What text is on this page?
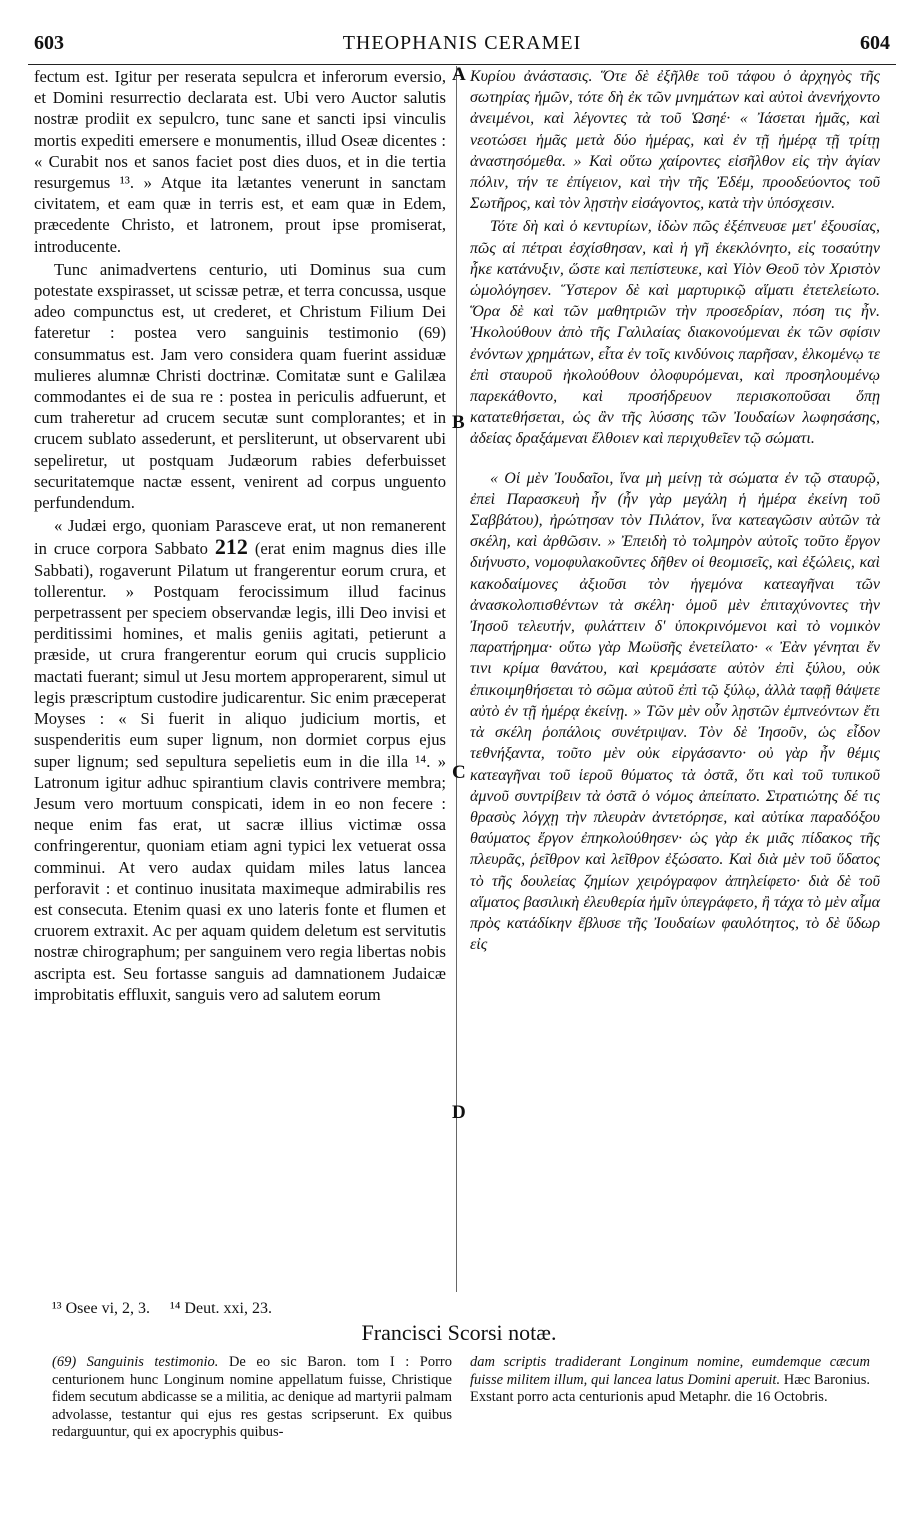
603	THEOPHANIS CERAMEI	604

fectum est. Igitur per reserata sepulcra et inferorum eversio, et Domini resurrectio declarata est. Ubi vero Auctor salutis nostræ prodiit ex sepulcro, tunc sane et sancti ipsi vinculis mortis expediti emersere e monumentis, illud Oseæ dicentes : « Curabit nos et sanos faciet post dies duos, et in die tertia resurgemus ¹³. » Atque ita lætantes venerunt in sanctam civitatem, et eam quæ in terris est, et eam quæ in Edem, præcedente Christo, et latronem, prout ipse promiserat, introducente.

Tunc animadvertens centurio, uti Dominus sua cum potestate exspirasset, ut scissæ petræ, et terra concussa, usque adeo compunctus est, ut crederet, et Christum Filium Dei fateretur : postea vero sanguinis testimonio (69) consummatus est. Jam vero considera quam fuerint assiduæ mulieres alumnæ Christi doctrinæ. Comitatæ sunt e Galilæa commodantes ei de sua re : postea in periculis adfuerunt, et cum traheretur ad crucem secutæ sunt complorantes; et in crucem sublato assederunt, et persliterunt, ut observarent ubi sepeliretur, ut postquam Judæorum rabies deferbuisset securitatemque nactæ essent, venirent ad corpus unguento perfundendum.

« Judæi ergo, quoniam Parasceve erat, ut non remanerent in cruce corpora Sabbato 212 (erat enim magnus dies ille Sabbati), rogaverunt Pilatum ut frangerentur eorum crura, et tollerentur. » Postquam ferocissimum illud facinus perpetrassent per speciem observandæ legis, illi Deo invisi et perditissimi homines, et malis geniis agitati, petierunt a præside, ut crura frangerentur eorum qui crucis supplicio mactati fuerant; simul ut Jesu mortem approperarent, simul ut legis præscriptum custodire judicarentur. Sic enim præceperat Moyses : « Si fuerit in aliquo judicium mortis, et suspenderitis eum super lignum, non dormiet corpus ejus super lignum; sed sepultura sepelietis eum in die illa ¹⁴. » Latronum igitur adhuc spirantium clavis contrivere membra; Jesum vero mortuum conspicati, idem in eo non fecere : neque enim fas erat, ut sacræ illius victimæ ossa confringerentur, quoniam etiam agni typici lex vetuerat ossa comminui. At vero audax quidam miles latus lancea perforavit : et continuo inusitata maximeque admirabilis res est consecuta. Etenim quasi ex uno lateris fonte et flumen et cruorem extraxit. Ac per aquam quidem deletum est servitutis nostræ chirographum; per sanguinem vero regia libertas nobis ascripta est. Seu fortasse sanguis ad damnationem Judaicæ improbitatis effluxit, sanguis vero ad salutem eorum

A
B
C
D

Κυρίου ἀνάστασις. Ὅτε δὲ ἐξῆλθε τοῦ τάφου ὁ ἀρχηγὸς τῆς σωτηρίας ἡμῶν, τότε δὴ ἐκ τῶν μνημάτων καὶ αὐτοὶ ἀνενήχοντο ἀνειμένοι, καὶ λέγοντες τὰ τοῦ Ὡσηέ· « Ἰάσεται ἡμᾶς, καὶ νεοτώσει ἡμᾶς μετὰ δύο ἡμέρας, καὶ ἐν τῇ ἡμέρᾳ τῇ τρίτῃ ἀναστησόμεθα. » Καὶ οὕτω χαίροντες εἰσῆλθον εἰς τὴν ἁγίαν πόλιν, τήν τε ἐπίγειον, καὶ τὴν τῆς Ἐδέμ, προοδεύοντος τοῦ Σωτῆρος, καὶ τὸν λῃστὴν εἰσάγοντος, κατὰ τὴν ὑπόσχεσιν.

Τότε δὴ καὶ ὁ κεντυρίων, ἰδὼν πῶς ἐξέπνευσε μετ' ἐξουσίας, πῶς αἱ πέτραι ἐσχίσθησαν, καὶ ἡ γῆ ἐκεκλόνητο, εἰς τοσαύτην ἧκε κατάνυξιν, ὥστε καὶ πεπίστευκε, καὶ Υἱὸν Θεοῦ τὸν Χριστὸν ὡμολόγησεν. Ὕστερον δὲ καὶ μαρτυρικῷ αἵματι ἐτετελείωτο. Ὅρα δὲ καὶ τῶν μαθητριῶν τὴν προσεδρίαν, πόση τις ἦν. Ἠκολούθουν ἀπὸ τῆς Γαλιλαίας διακονούμεναι ἐκ τῶν σφίσιν ἐνόντων χρημάτων, εἶτα ἐν τοῖς κινδύνοις παρῆσαν, ἑλκομένῳ τε ἐπὶ σταυροῦ ἠκολούθουν ὀλοφυρόμεναι, καὶ προσηλουμένῳ παρεκάθοντο, καὶ προσήδρευον περισκοποῦσαι ὅπῃ κατατεθήσεται, ὡς ἂν τῆς λύσσης τῶν Ἰουδαίων λωφησάσης, ἀδείας δραξάμεναι ἔλθοιεν καὶ περιχυθεῖεν τῷ σώματι.

« Οἱ μὲν Ἰουδαῖοι, ἵνα μὴ μείνῃ τὰ σώματα ἐν τῷ σταυρῷ, ἐπεὶ Παρασκευὴ ἦν (ἦν γὰρ μεγάλη ἡ ἡμέρα ἐκείνη τοῦ Σαββάτου), ἠρώτησαν τὸν Πιλάτον, ἵνα κατεαγῶσιν αὐτῶν τὰ σκέλη, καὶ ἀρθῶσιν. » Ἐπειδὴ τὸ τολμηρὸν αὐτοῖς τοῦτο ἔργον διήνυστο, νομοφυλακοῦντες δῆθεν οἱ θεομισεῖς, καὶ ἐξώλεις, καὶ κακοδαίμονες ἀξιοῦσι τὸν ἡγεμόνα κατεαγῆναι τῶν ἀνασκολοπισθέντων τὰ σκέλη· ὁμοῦ μὲν ἐπιταχύνοντες τὴν Ἰησοῦ τελευτήν, φυλάττειν δ' ὑποκρινόμενοι καὶ τὸ νομικὸν παρατήρημα· οὕτω γὰρ Μωϋσῆς ἐνετείλατο· « Ἐὰν γένηται ἔν τινι κρίμα θανάτου, καὶ κρεμάσατε αὐτὸν ἐπὶ ξύλου, οὐκ ἐπικοιμηθήσεται τὸ σῶμα αὐτοῦ ἐπὶ τῷ ξύλῳ, ἀλλὰ ταφῇ θάψετε αὐτὸ ἐν τῇ ἡμέρᾳ ἐκείνῃ. » Τῶν μὲν οὖν λῃστῶν ἐμπνεόντων ἔτι τὰ σκέλη ῥοπάλοις συνέτριψαν. Τὸν δὲ Ἰησοῦν, ὡς εἶδον τεθνήξαντα, τοῦτο μὲν οὐκ εἰργάσαντο· οὐ γὰρ ἦν θέμις κατεαγῆναι τοῦ ἱεροῦ θύματος τὰ ὀστᾶ, ὅτι καὶ τοῦ τυπικοῦ ἀμνοῦ συντρίβειν τὰ ὀστᾶ ὁ νόμος ἀπείπατο. Στρατιώτης δέ τις θρασὺς λόγχῃ τὴν πλευρὰν ἀντετόρησε, καὶ αὐτίκα παραδόξου θαύματος ἔργον ἐπηκολούθησεν· ὡς γὰρ ἐκ μιᾶς πίδακος τῆς πλευρᾶς, ῥεῖθρον καὶ λεῖθρον ἐξώσατο. Καὶ διὰ μὲν τοῦ ὕδατος τὸ τῆς δουλείας ζημίων χειρόγραφον ἀπηλείφετο· διὰ δὲ τοῦ αἵματος βασιλικὴ ἐλευθερία ἡμῖν ὑπεγράφετο, ἢ τάχα τὸ μὲν αἷμα πρὸς κατάδίκην ἔβλυσε τῆς Ἰουδαίων φαυλότητος, τὸ δὲ ὕδωρ εἰς

¹³ Osee vi, 2, 3. ¹⁴ Deut. xxi, 23.
Francisci Scorsi notæ.
(69) Sanguinis testimonio. De eo sic Baron. tom I : Porro centurionem hunc Longinum nomine appellatum fuisse, Christique fidem secutum abdicasse se a militia, ac denique ad martyrii palmam advolasse, testantur qui ejus res gestas scripserunt. Ex quibus redarguuntur, qui ex apocryphis quibus-
dam scriptis tradiderant Longinum nomine, eumdemque cæcum fuisse militem illum, qui lancea latus Domini aperuit. Hæc Baronius. Exstant porro acta centurionis apud Metaphr. die 16 Octobris.
